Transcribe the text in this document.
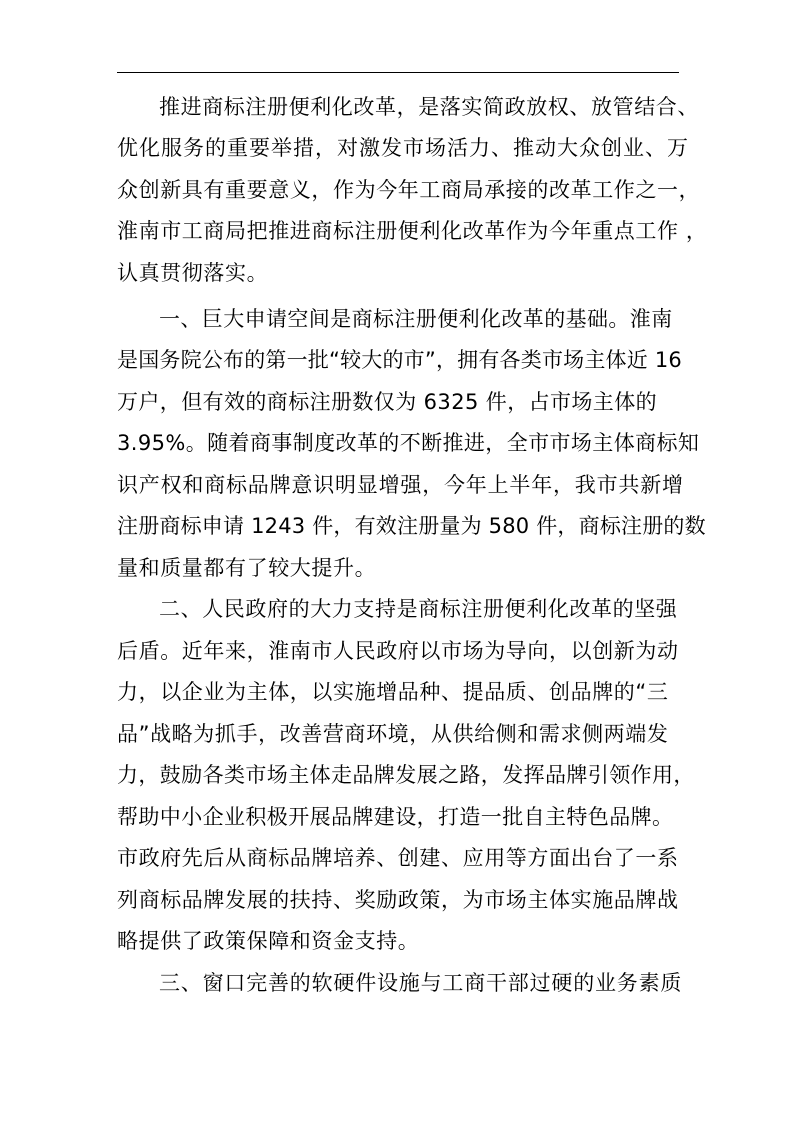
推进商标注册便利化改革，是落实简政放权、放管结合、
优化服务的重要举措，对激发市场活力、推动大众创业、万
众创新具有重要意义，作为今年工商局承接的改革工作之一，
淮南市工商局把推进商标注册便利化改革作为今年重点工作 ，
认真贯彻落实。
一、巨大申请空间是商标注册便利化改革的基础。淮南
是国务院公布的第一批“较大的市”，拥有各类市场主体近 16
万户，但有效的商标注册数仅为 6325 件，占市场主体的
3.95%。随着商事制度改革的不断推进，全市市场主体商标知
识产权和商标品牌意识明显增强，今年上半年，我市共新增
注册商标申请 1243 件，有效注册量为 580 件，商标注册的数
量和质量都有了较大提升。
二、人民政府的大力支持是商标注册便利化改革的坚强
后盾。近年来，淮南市人民政府以市场为导向，以创新为动
力，以企业为主体，以实施增品种、提品质、创品牌的“三
品”战略为抓手，改善营商环境，从供给侧和需求侧两端发
力，鼓励各类市场主体走品牌发展之路，发挥品牌引领作用，
帮助中小企业积极开展品牌建设，打造一批自主特色品牌。
市政府先后从商标品牌培养、创建、应用等方面出台了一系
列商标品牌发展的扶持、奖励政策，为市场主体实施品牌战
略提供了政策保障和资金支持。
三、窗口完善的软硬件设施与工商干部过硬的业务素质
